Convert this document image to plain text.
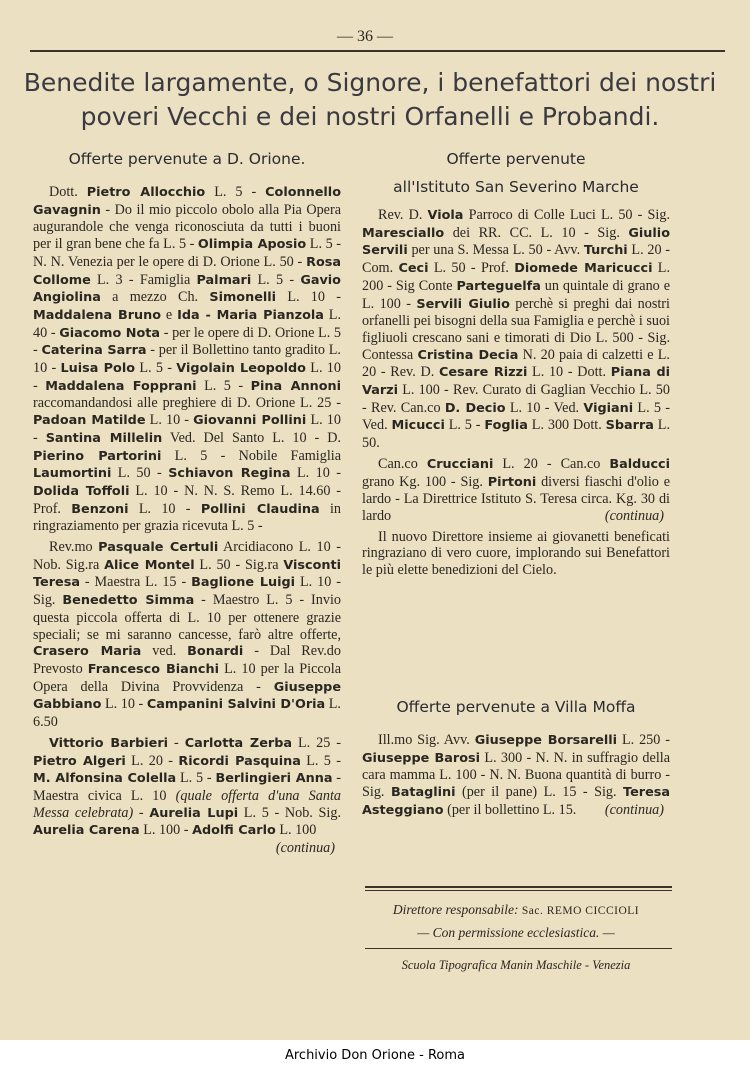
— 36 —
Benedite largamente, o Signore, i benefattori dei nostri poveri Vecchi e dei nostri Orfanelli e Probandi.
Offerte pervenute a D. Orione.

Dott. Pietro Allocchio L. 5 - Colonnello Gavagnin - Do il mio piccolo obolo alla Pia Opera augurandole che venga riconosciuta da tutti i buoni per il gran bene che fa L. 5 - Olimpia Aposio L. 5 - N. N. Venezia per le opere di D. Orione L. 50 - Rosa Collome L. 3 - Famiglia Palmari L. 5 - Gavio Angiolina a mezzo Ch. Simonelli L. 10 - Maddalena Bruno e Ida - Maria Pianzola L. 40 - Giacomo Nota - per le opere di D. Orione L. 5 - Caterina Sarra - per il Bollettino tanto gradito L. 10 - Luisa Polo L. 5 - Vigolain Leopoldo L. 10 - Maddalena Fopprani L. 5 - Pina Annoni raccomandandosi alle preghiere di D. Orione L. 25 - Padoan Matilde L. 10 - Giovanni Pollini L. 10 - Santina Millelin Ved. Del Santo L. 10 - D. Pierino Partorini L. 5 - Nobile Famiglia Laumortini L. 50 - Schiavon Regina L. 10 - Dolida Toffoli L. 10 - N. N. S. Remo L. 14.60 - Prof. Benzoni L. 10 - Pollini Claudina in ringraziamento per grazia ricevuta L. 5 -

Rev.mo Pasquale Certuli Arcidiacono L. 10 - Nob. Sig.ra Alice Montel L. 50 - Sig.ra Visconti Teresa - Maestra L. 15 - Baglione Luigi L. 10 - Sig. Benedetto Simma - Maestro L. 5 - Invio questa piccola offerta di L. 10 per ottenere grazie speciali; se mi saranno cancesse, farò altre offerte, Crasero Maria ved. Bonardi - Dal Rev.do Prevosto Francesco Bianchi L. 10 per la Piccola Opera della Divina Provvidenza - Giuseppe Gabbiano L. 10 - Campanini Salvini D'Oria L. 6.50

Vittorio Barbieri - Carlotta Zerba L. 25 - Pietro Algeri L. 20 - Ricordi Pasquina L. 5 - M. Alfonsina Colella L. 5 - Berlingieri Anna - Maestra civica L. 10 (quale offerta d'una Santa Messa celebrata) - Aurelia Lupi L. 5 - Nob. Sig. Aurelia Carena L. 100 - Adolfi Carlo L. 100
(continua)

Offerte pervenute
all'Istituto San Severino Marche

Rev. D. Viola Parroco di Colle Luci L. 50 - Sig. Maresciallo dei RR. CC. L. 10 - Sig. Giulio Servili per una S. Messa L. 50 - Avv. Turchi L. 20 - Com. Ceci L. 50 - Prof. Diomede Maricucci L. 200 - Sig Conte Parteguelfa un quintale di grano e L. 100 - Servili Giulio perchè si preghi dai nostri orfanelli pei bisogni della sua Famiglia e perchè i suoi figliuoli crescano sani e timorati di Dio L. 500 - Sig. Contessa Cristina Decia N. 20 paia di calzetti e L. 20 - Rev. D. Cesare Rizzi L. 10 - Dott. Piana di Varzi L. 100 - Rev. Curato di Gaglian Vecchio L. 50 - Rev. Can.co D. Decio L. 10 - Ved. Vigiani L. 5 - Ved. Micucci L. 5 - Foglia L. 300 Dott. Sbarra L. 50.

Can.co Crucciani L. 20 - Can.co Balducci grano Kg. 100 - Sig. Pirtoni diversi fiaschi d'olio e lardo - La Direttrice Istituto S. Teresa circa. Kg. 30 di lardo	(continua)

Il nuovo Direttore insieme ai giovanetti beneficati ringraziano di vero cuore, implorando sui Benefattori le più elette benedizioni del Cielo.

Offerte pervenute a Villa Moffa

Ill.mo Sig. Avv. Giuseppe Borsarelli L. 250 - Giuseppe Barosi L. 300 - N. N. in suffragio della cara mamma L. 100 - N. N. Buona quantità di burro - Sig. Bataglini (per il pane) L. 15 - Sig. Teresa Asteggiano (per il bollettino L. 15.	(continua)

Direttore responsabile: Sac. REMO CICCIOLI
— Con permissione ecclesiastica. —
Scuola Tipografica Manin Maschile - Venezia
Archivio Don Orione - Roma
